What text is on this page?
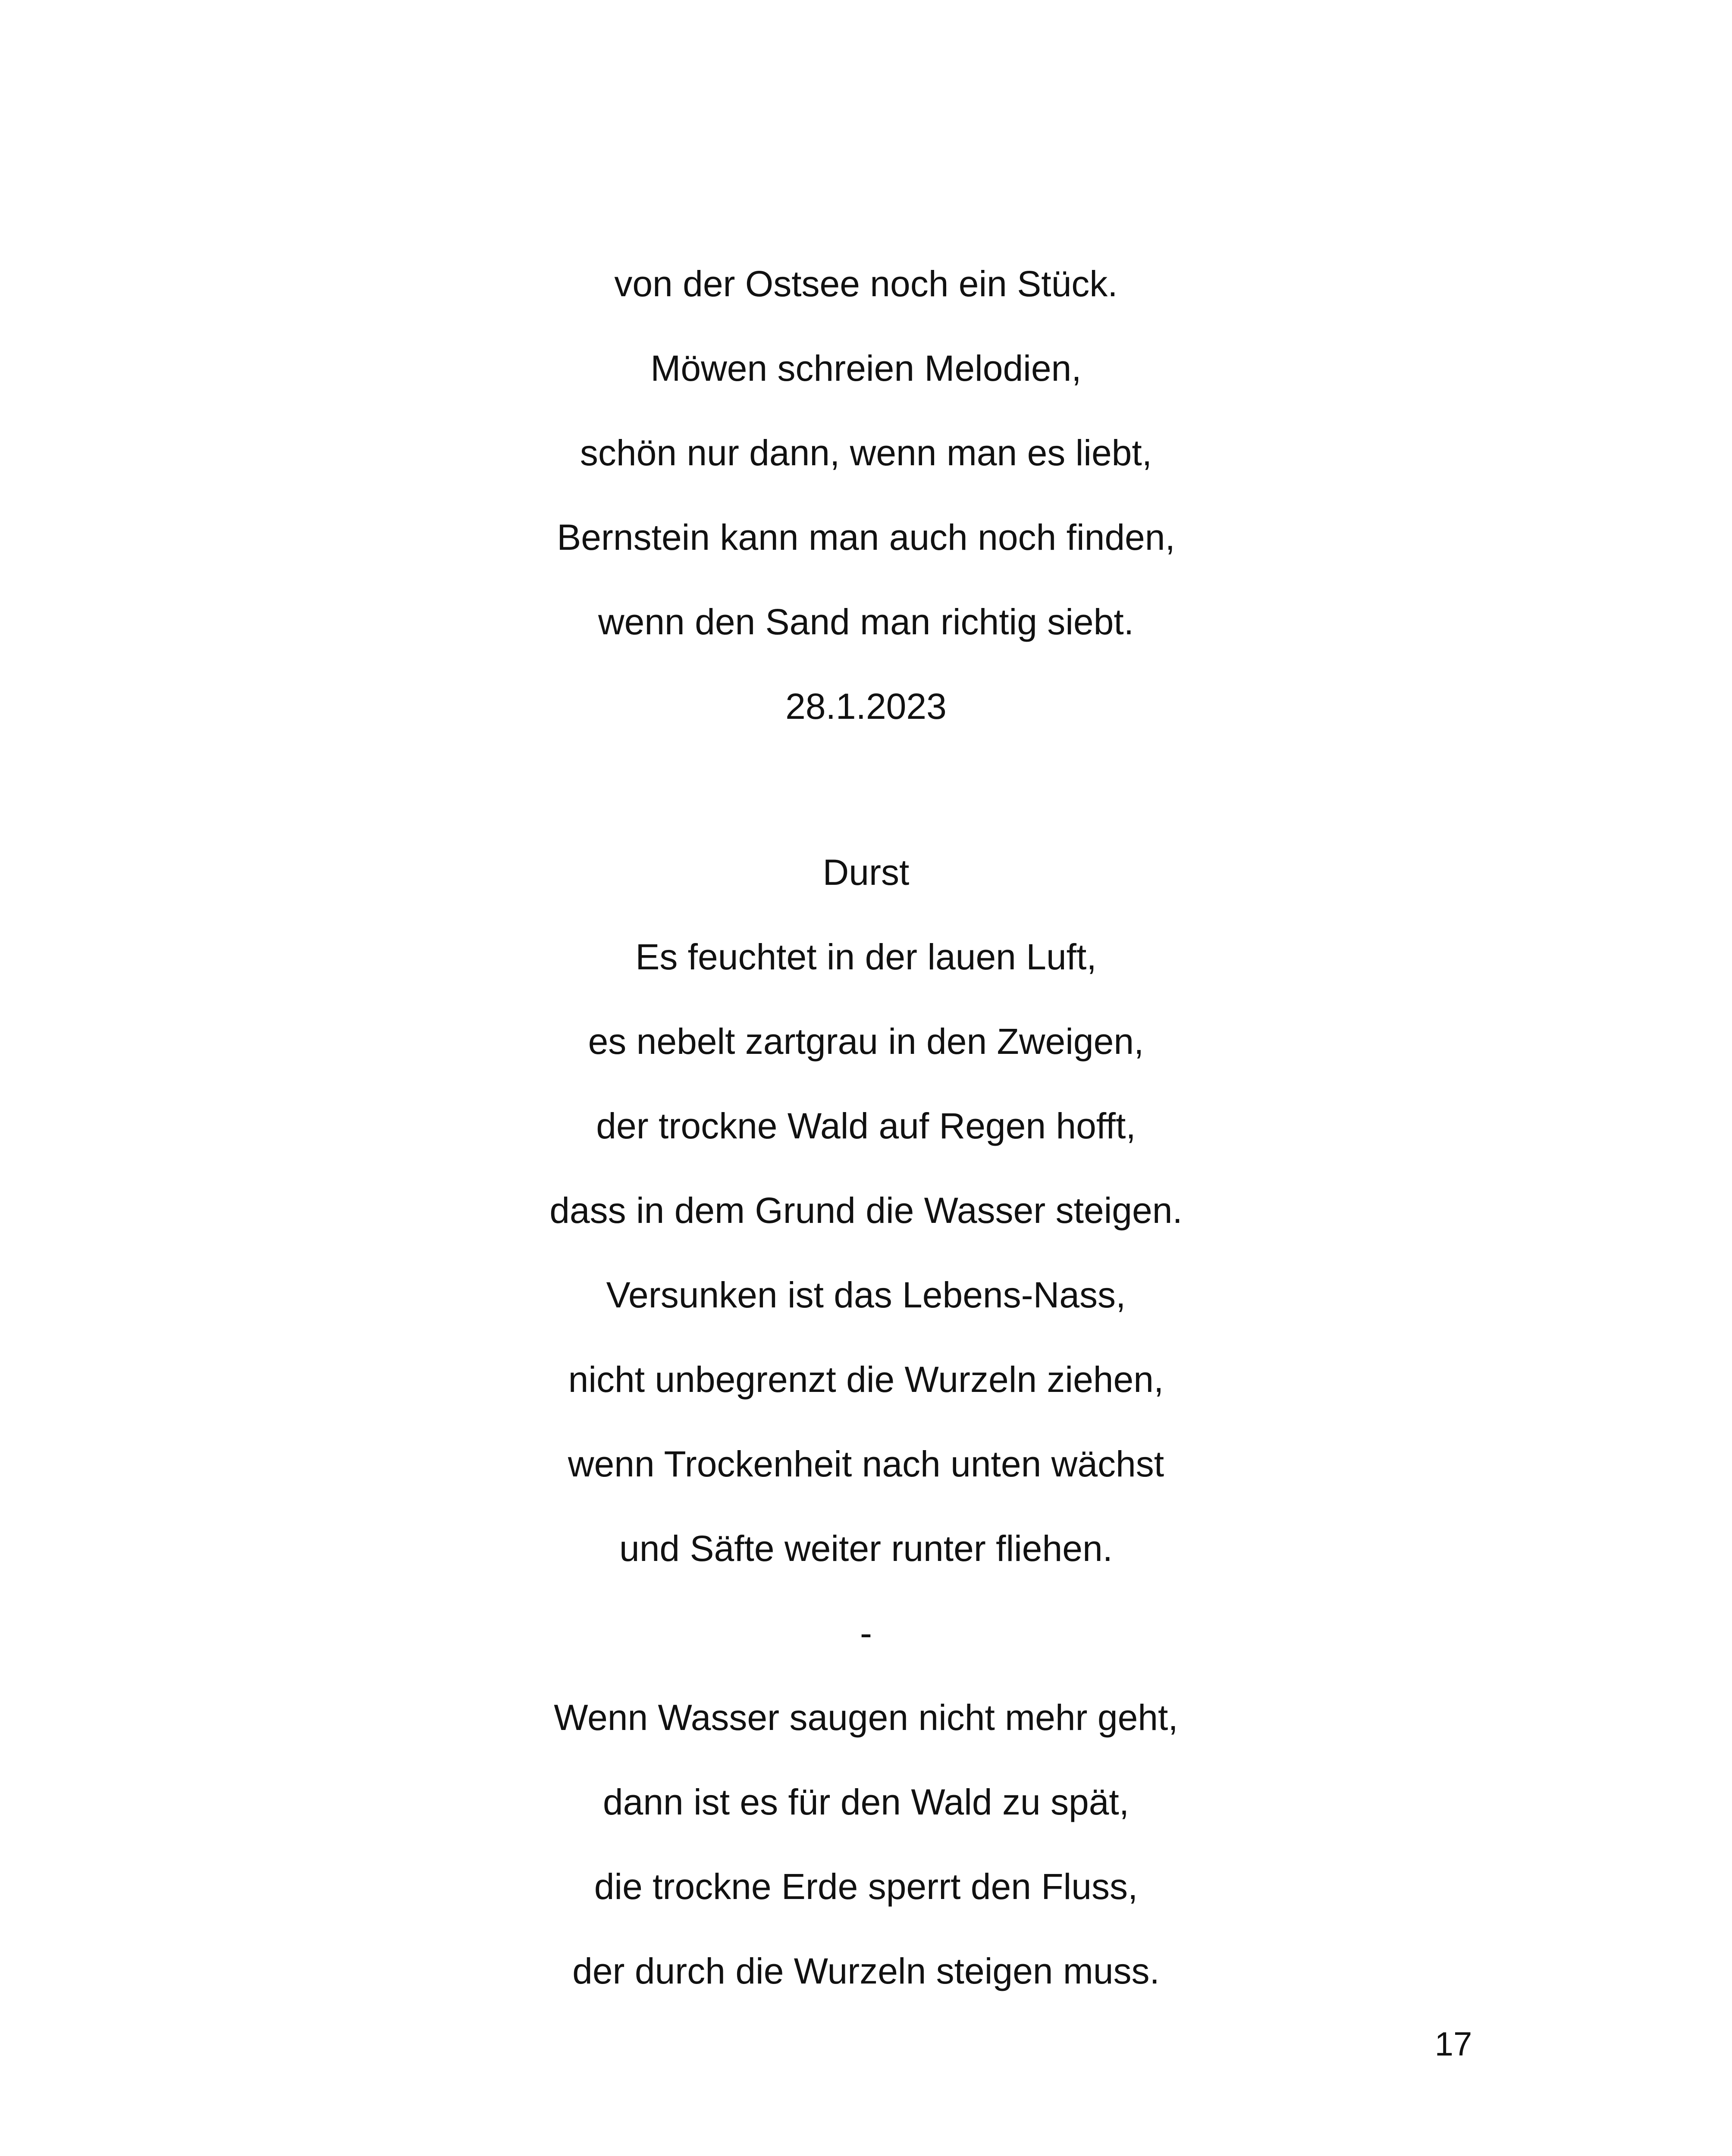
von der Ostsee noch ein Stück.
Möwen schreien Melodien,
schön nur dann, wenn man es liebt,
Bernstein kann man auch noch finden,
wenn den Sand man richtig siebt.
28.1.2023
Durst
Es feuchtet in der lauen Luft,
es nebelt zartgrau in den Zweigen,
der trockne Wald auf Regen hofft,
dass in dem Grund die Wasser steigen.
Versunken ist das Lebens-Nass,
nicht unbegrenzt die Wurzeln ziehen,
wenn Trockenheit nach unten wächst
und Säfte weiter runter fliehen.
-
Wenn Wasser saugen nicht mehr geht,
dann ist es für den Wald zu spät,
die trockne Erde sperrt den Fluss,
der durch die Wurzeln steigen muss.
17
